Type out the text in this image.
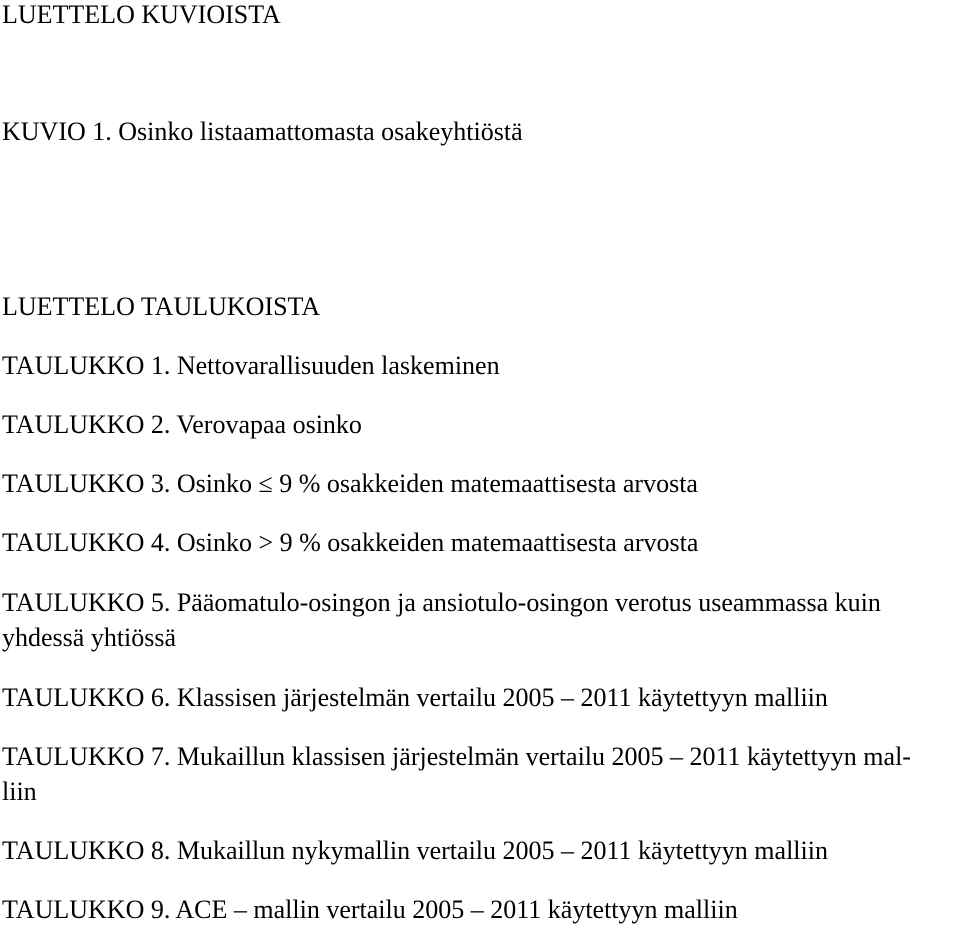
LUETTELO KUVIOISTA
KUVIO 1. Osinko listaamattomasta osakeyhtiöstä
LUETTELO TAULUKOISTA
TAULUKKO 1. Nettovarallisuuden laskeminen
TAULUKKO 2. Verovapaa osinko
TAULUKKO 3. Osinko ≤ 9 % osakkeiden matemaattisesta arvosta
TAULUKKO 4. Osinko > 9 % osakkeiden matemaattisesta arvosta
TAULUKKO 5. Pääomatulo-osingon ja ansiotulo-osingon verotus useammassa kuin
yhdessä yhtiössä
TAULUKKO 6. Klassisen järjestelmän vertailu 2005 – 2011 käytettyyn malliin
TAULUKKO 7. Mukaillun klassisen järjestelmän vertailu 2005 – 2011 käytettyyn mal-
liin
TAULUKKO 8. Mukaillun nykymallin vertailu 2005 – 2011 käytettyyn malliin
TAULUKKO 9. ACE – mallin vertailu 2005 – 2011 käytettyyn malliin
